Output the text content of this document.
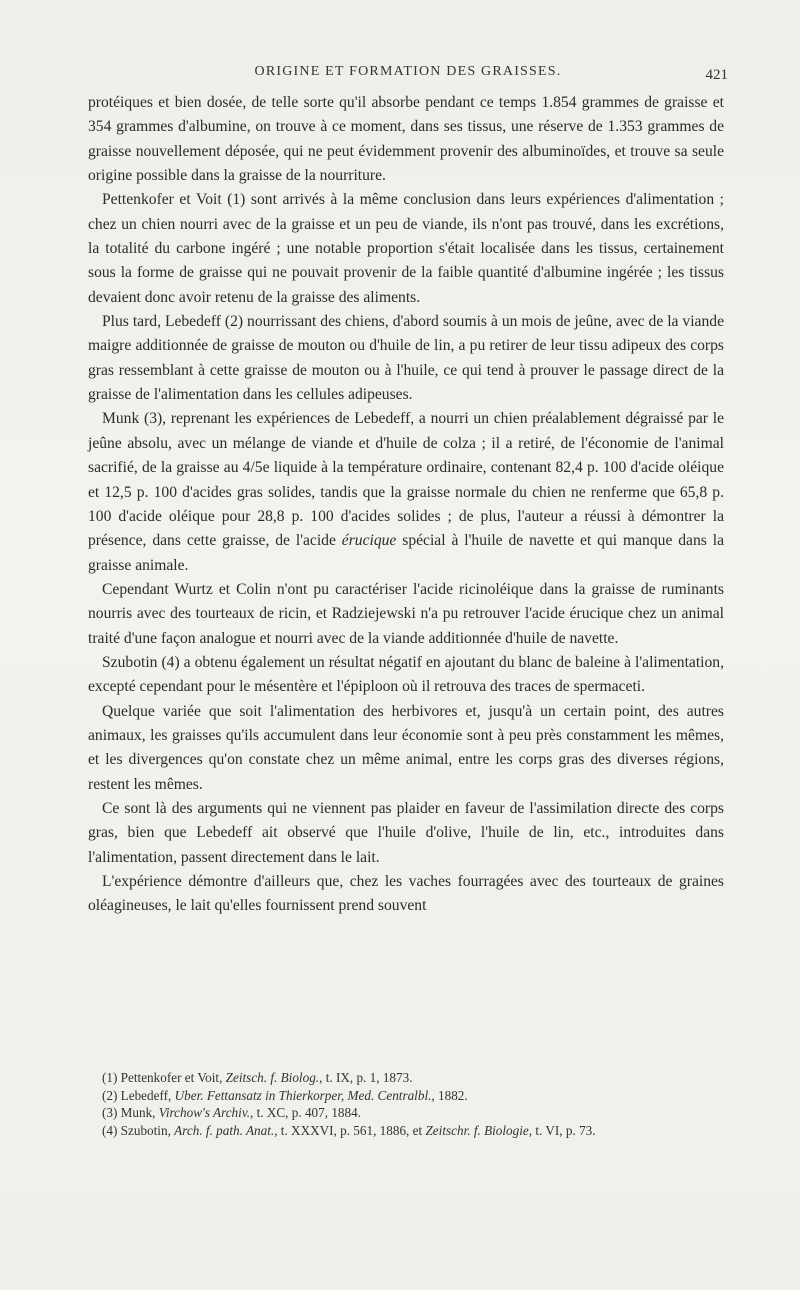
ORIGINE ET FORMATION DES GRAISSES.	421

protéiques et bien dosée, de telle sorte qu'il absorbe pendant ce temps 1.854 grammes de graisse et 354 grammes d'albumine, on trouve à ce moment, dans ses tissus, une réserve de 1.353 grammes de graisse nouvellement déposée, qui ne peut évidemment provenir des albuminoïdes, et trouve sa seule origine possible dans la graisse de la nourriture.

Pettenkofer et Voit (1) sont arrivés à la même conclusion dans leurs expériences d'alimentation ; chez un chien nourri avec de la graisse et un peu de viande, ils n'ont pas trouvé, dans les excrétions, la totalité du carbone ingéré ; une notable proportion s'était localisée dans les tissus, certainement sous la forme de graisse qui ne pouvait provenir de la faible quantité d'albumine ingérée ; les tissus devaient donc avoir retenu de la graisse des aliments.

Plus tard, Lebedeff (2) nourrissant des chiens, d'abord soumis à un mois de jeûne, avec de la viande maigre additionnée de graisse de mouton ou d'huile de lin, a pu retirer de leur tissu adipeux des corps gras ressemblant à cette graisse de mouton ou à l'huile, ce qui tend à prouver le passage direct de la graisse de l'alimentation dans les cellules adipeuses.

Munk (3), reprenant les expériences de Lebedeff, a nourri un chien préalablement dégraissé par le jeûne absolu, avec un mélange de viande et d'huile de colza ; il a retiré, de l'économie de l'animal sacrifié, de la graisse au 4/5e liquide à la température ordinaire, contenant 82,4 p. 100 d'acide oléique et 12,5 p. 100 d'acides gras solides, tandis que la graisse normale du chien ne renferme que 65,8 p. 100 d'acide oléique pour 28,8 p. 100 d'acides solides ; de plus, l'auteur a réussi à démontrer la présence, dans cette graisse, de l'acide érucique spécial à l'huile de navette et qui manque dans la graisse animale.

Cependant Wurtz et Colin n'ont pu caractériser l'acide ricinoléique dans la graisse de ruminants nourris avec des tourteaux de ricin, et Radziejewski n'a pu retrouver l'acide érucique chez un animal traité d'une façon analogue et nourri avec de la viande additionnée d'huile de navette.

Szubotin (4) a obtenu également un résultat négatif en ajoutant du blanc de baleine à l'alimentation, excepté cependant pour le mésentère et l'épiploon où il retrouva des traces de spermaceti.

Quelque variée que soit l'alimentation des herbivores et, jusqu'à un certain point, des autres animaux, les graisses qu'ils accumulent dans leur économie sont à peu près constamment les mêmes, et les divergences qu'on constate chez un même animal, entre les corps gras des diverses régions, restent les mêmes.

Ce sont là des arguments qui ne viennent pas plaider en faveur de l'assimilation directe des corps gras, bien que Lebedeff ait observé que l'huile d'olive, l'huile de lin, etc., introduites dans l'alimentation, passent directement dans le lait.

L'expérience démontre d'ailleurs que, chez les vaches fourragées avec des tourteaux de graines oléagineuses, le lait qu'elles fournissent prend souvent

(1) Pettenkofer et Voit, Zeitsch. f. Biolog., t. IX, p. 1, 1873.

(2) Lebedeff, Uber. Fettansatz in Thierkorper, Med. Centralbl., 1882.

(3) Munk, Virchow's Archiv., t. XC, p. 407, 1884.

(4) Szubotin, Arch. f. path. Anat., t. XXXVI, p. 561, 1886, et Zeitschr. f. Biologie, t. VI, p. 73.
